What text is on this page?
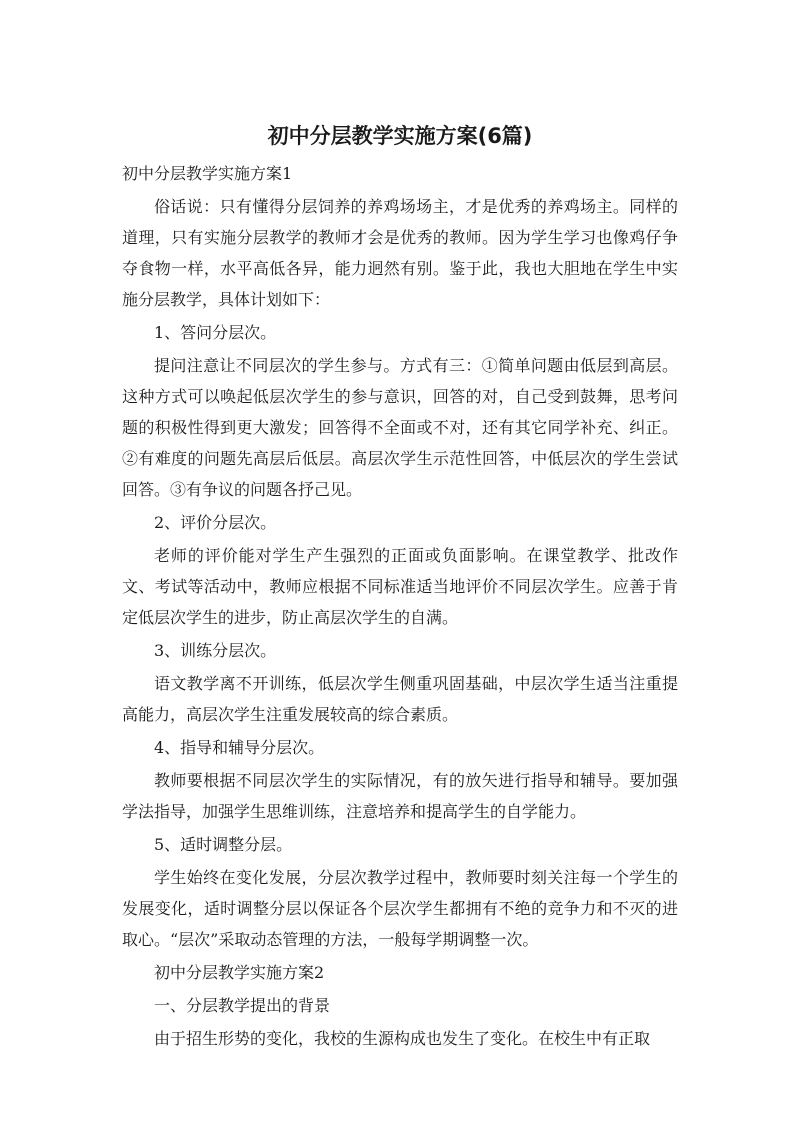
初中分层教学实施方案(6篇)

初中分层教学实施方案1

俗话说：只有懂得分层饲养的养鸡场场主，才是优秀的养鸡场主。同样的道理，只有实施分层教学的教师才会是优秀的教师。因为学生学习也像鸡仔争夺食物一样，水平高低各异，能力迥然有别。鉴于此，我也大胆地在学生中实施分层教学，具体计划如下：

1、答问分层次。

提问注意让不同层次的学生参与。方式有三：①简单问题由低层到高层。这种方式可以唤起低层次学生的参与意识，回答的对，自己受到鼓舞，思考问题的积极性得到更大激发；回答得不全面或不对，还有其它同学补充、纠正。②有难度的问题先高层后低层。高层次学生示范性回答，中低层次的学生尝试回答。③有争议的问题各抒己见。

2、评价分层次。

老师的评价能对学生产生强烈的正面或负面影响。在课堂教学、批改作文、考试等活动中，教师应根据不同标准适当地评价不同层次学生。应善于肯定低层次学生的进步，防止高层次学生的自满。

3、训练分层次。

语文教学离不开训练，低层次学生侧重巩固基础，中层次学生适当注重提高能力，高层次学生注重发展较高的综合素质。

4、指导和辅导分层次。

教师要根据不同层次学生的实际情况，有的放矢进行指导和辅导。要加强学法指导，加强学生思维训练，注意培养和提高学生的自学能力。

5、适时调整分层。

学生始终在变化发展，分层次教学过程中，教师要时刻关注每一个学生的发展变化，适时调整分层以保证各个层次学生都拥有不绝的竞争力和不灭的进取心。“层次”采取动态管理的方法，一般每学期调整一次。

初中分层教学实施方案2

一、分层教学提出的背景

由于招生形势的变化，我校的生源构成也发生了变化。在校生中有正取
